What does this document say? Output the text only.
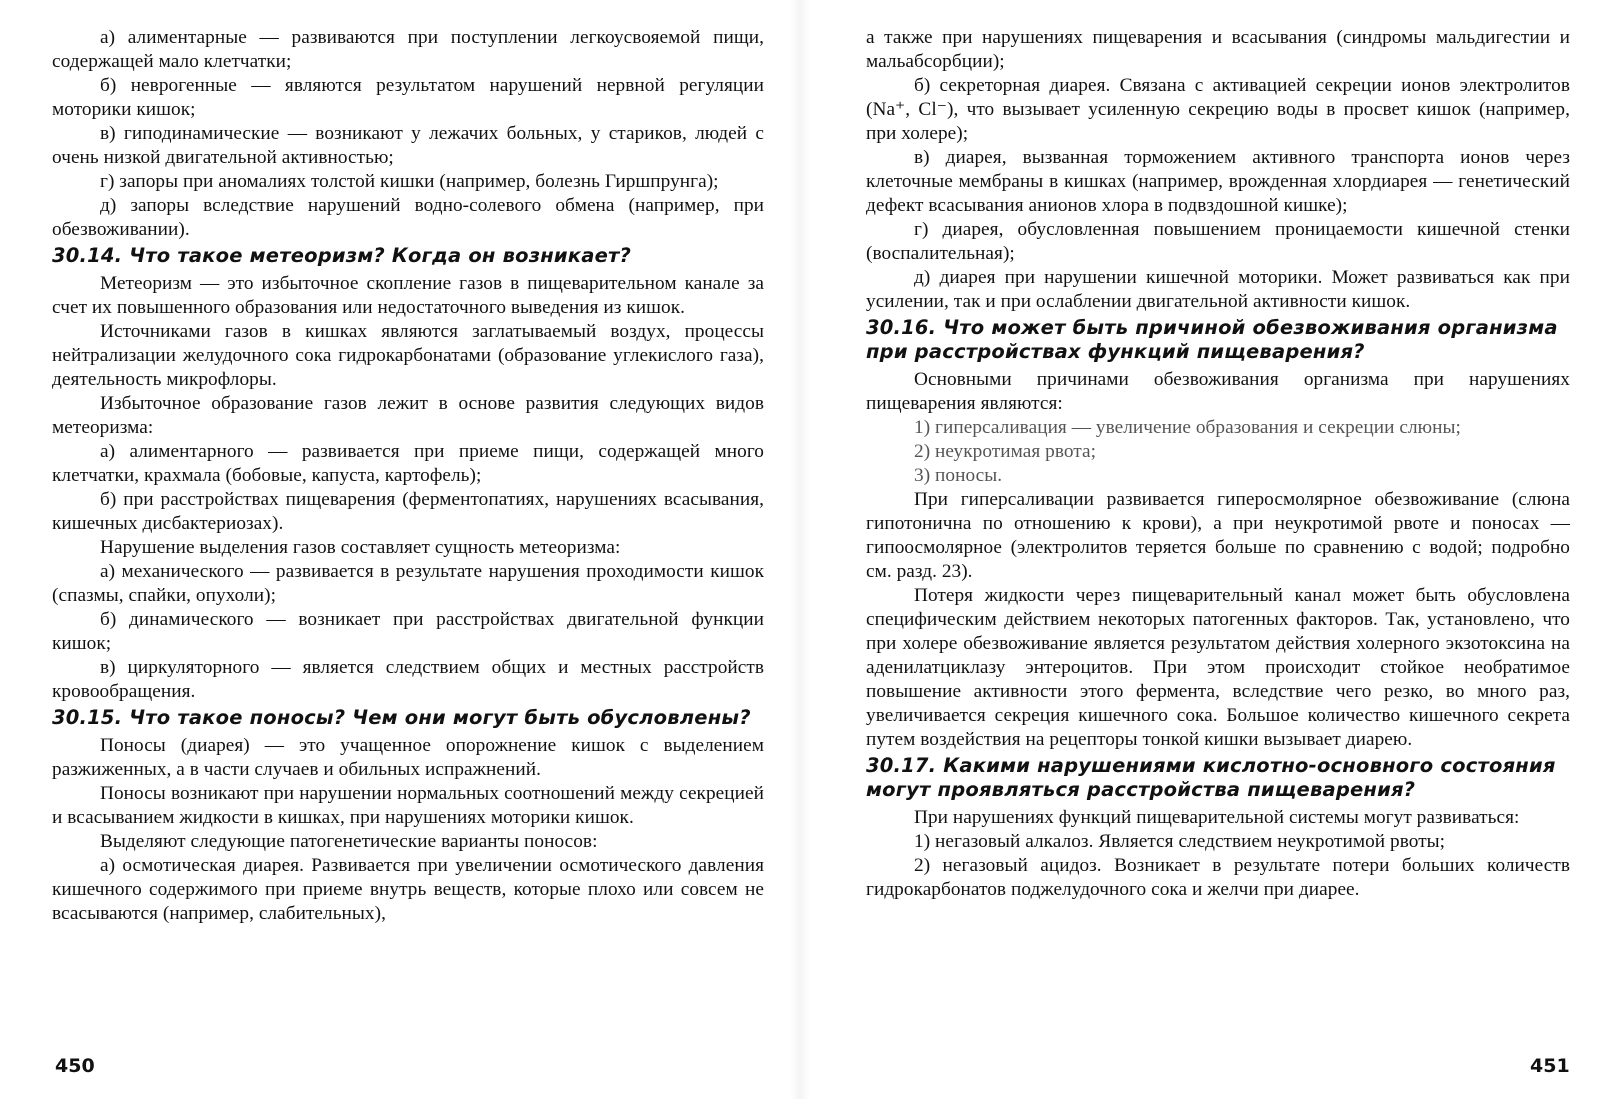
а) алиментарные — развиваются при поступлении легкоусвояемой пищи, содержащей мало клетчатки;

б) неврогенные — являются результатом нарушений нервной регуляции моторики кишок;

в) гиподинамические — возникают у лежачих больных, у стариков, людей с очень низкой двигательной активностью;

г) запоры при аномалиях толстой кишки (например, болезнь Гиршпрунга);

д) запоры вследствие нарушений водно-солевого обмена (например, при обезвоживании).

30.14. Что такое метеоризм? Когда он возникает?

Метеоризм — это избыточное скопление газов в пищеварительном канале за счет их повышенного образования или недостаточного выведения из кишок.

Источниками газов в кишках являются заглатываемый воздух, процессы нейтрализации желудочного сока гидрокарбонатами (образование углекислого газа), деятельность микрофлоры.

Избыточное образование газов лежит в основе развития следующих видов метеоризма:

а) алиментарного — развивается при приеме пищи, содержащей много клетчатки, крахмала (бобовые, капуста, картофель);

б) при расстройствах пищеварения (ферментопатиях, нарушениях всасывания, кишечных дисбактериозах).

Нарушение выделения газов составляет сущность метеоризма:

а) механического — развивается в результате нарушения проходимости кишок (спазмы, спайки, опухоли);

б) динамического — возникает при расстройствах двигательной функции кишок;

в) циркуляторного — является следствием общих и местных расстройств кровообращения.

30.15. Что такое поносы? Чем они могут быть обусловлены?

Поносы (диарея) — это учащенное опорожнение кишок с выделением разжиженных, а в части случаев и обильных испражнений.

Поносы возникают при нарушении нормальных соотношений между секрецией и всасыванием жидкости в кишках, при нарушениях моторики кишок.

Выделяют следующие патогенетические варианты поносов:

а) осмотическая диарея. Развивается при увеличении осмотического давления кишечного содержимого при приеме внутрь веществ, которые плохо или совсем не всасываются (например, слабительных),

450

а также при нарушениях пищеварения и всасывания (синдромы мальдигестии и мальабсорбции);

б) секреторная диарея. Связана с активацией секреции ионов электролитов (Na⁺, Cl⁻), что вызывает усиленную секрецию воды в просвет кишок (например, при холере);

в) диарея, вызванная торможением активного транспорта ионов через клеточные мембраны в кишках (например, врожденная хлордиарея — генетический дефект всасывания анионов хлора в подвздошной кишке);

г) диарея, обусловленная повышением проницаемости кишечной стенки (воспалительная);

д) диарея при нарушении кишечной моторики. Может развиваться как при усилении, так и при ослаблении двигательной активности кишок.

30.16. Что может быть причиной обезвоживания организма при расстройствах функций пищеварения?

Основными причинами обезвоживания организма при нарушениях пищеварения являются:

1) гиперсаливация — увеличение образования и секреции слюны;

2) неукротимая рвота;

3) поносы.

При гиперсаливации развивается гиперосмолярное обезвоживание (слюна гипотонична по отношению к крови), а при неукротимой рвоте и поносах — гипоосмолярное (электролитов теряется больше по сравнению с водой; подробно см. разд. 23).

Потеря жидкости через пищеварительный канал может быть обусловлена специфическим действием некоторых патогенных факторов. Так, установлено, что при холере обезвоживание является результатом действия холерного экзотоксина на аденилатциклазу энтероцитов. При этом происходит стойкое необратимое повышение активности этого фермента, вследствие чего резко, во много раз, увеличивается секреция кишечного сока. Большое количество кишечного секрета путем воздействия на рецепторы тонкой кишки вызывает диарею.

30.17. Какими нарушениями кислотно-основного состояния могут проявляться расстройства пищеварения?

При нарушениях функций пищеварительной системы могут развиваться:

1) негазовый алкалоз. Является следствием неукротимой рвоты;

2) негазовый ацидоз. Возникает в результате потери больших количеств гидрокарбонатов поджелудочного сока и желчи при диарее.

451
